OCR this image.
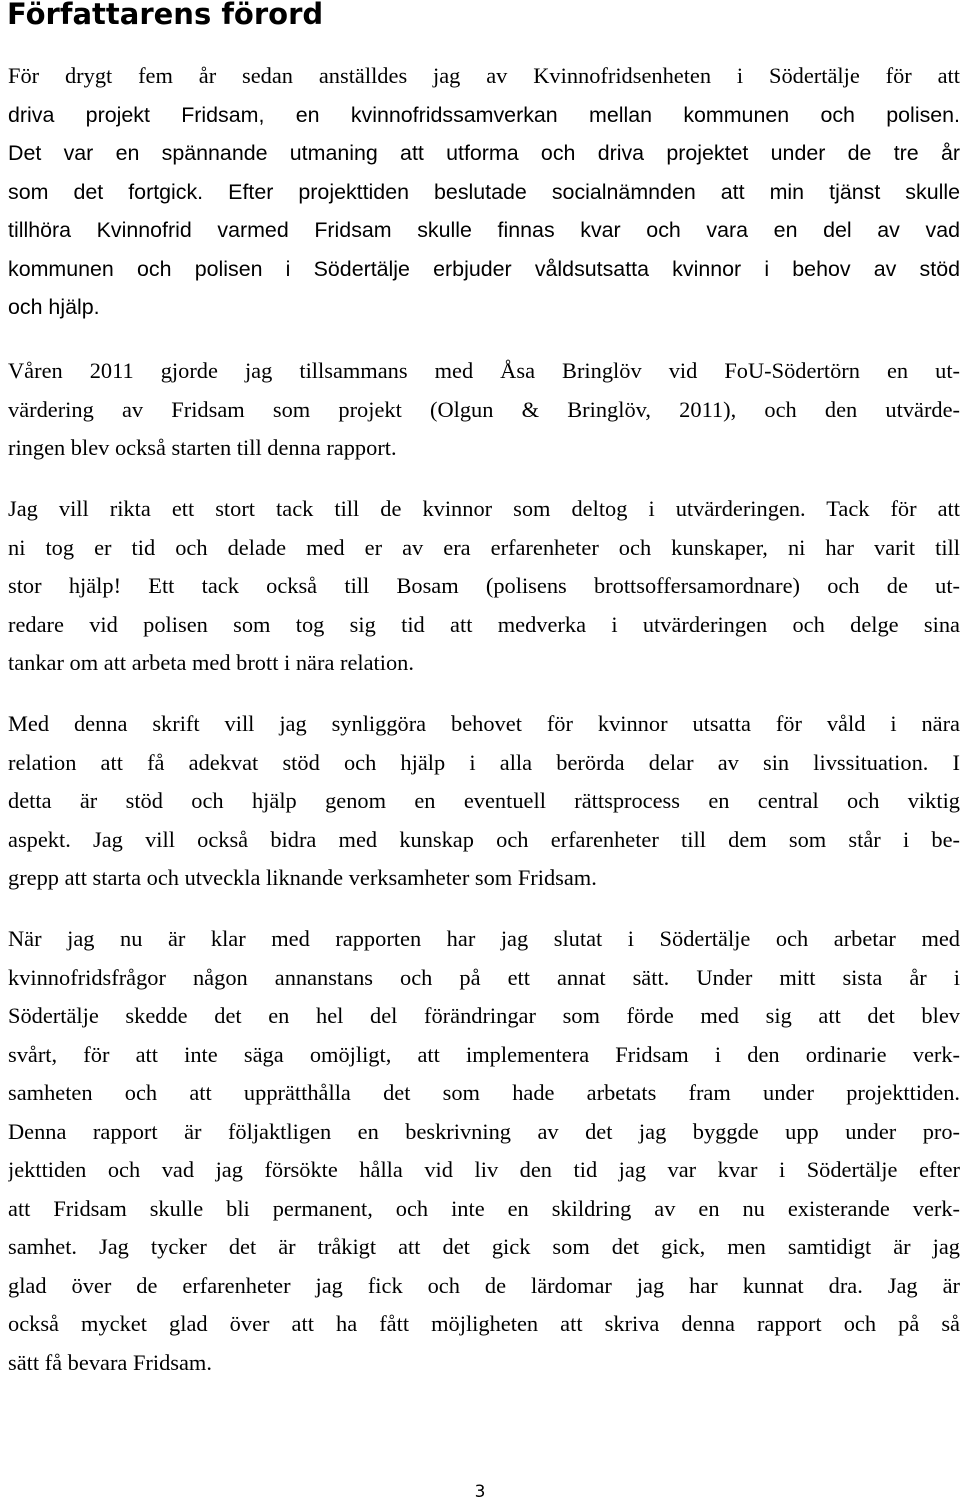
Författarens förord
För drygt fem år sedan anställdes jag av Kvinnofridsenheten i Södertälje för att
driva projekt Fridsam, en kvinnofridssamverkan mellan kommunen och polisen.
Det var en spännande utmaning att utforma och driva projektet under de tre år
som det fortgick. Efter projekttiden beslutade socialnämnden att min tjänst skulle
tillhöra Kvinnofrid varmed Fridsam skulle finnas kvar och vara en del av vad
kommunen och polisen i Södertälje erbjuder våldsutsatta kvinnor i behov av stöd
och hjälp.
Våren 2011 gjorde jag tillsammans med Åsa Bringlöv vid FoU-Södertörn en ut-
värdering av Fridsam som projekt (Olgun & Bringlöv, 2011), och den utvärde-
ringen blev också starten till denna rapport.
Jag vill rikta ett stort tack till de kvinnor som deltog i utvärderingen. Tack för att
ni tog er tid och delade med er av era erfarenheter och kunskaper, ni har varit till
stor hjälp! Ett tack också till Bosam (polisens brottsoffersamordnare) och de ut-
redare vid polisen som tog sig tid att medverka i utvärderingen och delge sina
tankar om att arbeta med brott i nära relation.
Med denna skrift vill jag synliggöra behovet för kvinnor utsatta för våld i nära
relation att få adekvat stöd och hjälp i alla berörda delar av sin livssituation. I
detta är stöd och hjälp genom en eventuell rättsprocess en central och viktig
aspekt. Jag vill också bidra med kunskap och erfarenheter till dem som står i be-
grepp att starta och utveckla liknande verksamheter som Fridsam.
När jag nu är klar med rapporten har jag slutat i Södertälje och arbetar med
kvinnofridsfrågor någon annanstans och på ett annat sätt. Under mitt sista år i
Södertälje skedde det en hel del förändringar som förde med sig att det blev
svårt, för att inte säga omöjligt, att implementera Fridsam i den ordinarie verk-
samheten och att upprätthålla det som hade arbetats fram under projekttiden.
Denna rapport är följaktligen en beskrivning av det jag byggde upp under pro-
jekttiden och vad jag försökte hålla vid liv den tid jag var kvar i Södertälje efter
att Fridsam skulle bli permanent, och inte en skildring av en nu existerande verk-
samhet. Jag tycker det är tråkigt att det gick som det gick, men samtidigt är jag
glad över de erfarenheter jag fick och de lärdomar jag har kunnat dra. Jag är
också mycket glad över att ha fått möjligheten att skriva denna rapport och på så
sätt få bevara Fridsam.
3
